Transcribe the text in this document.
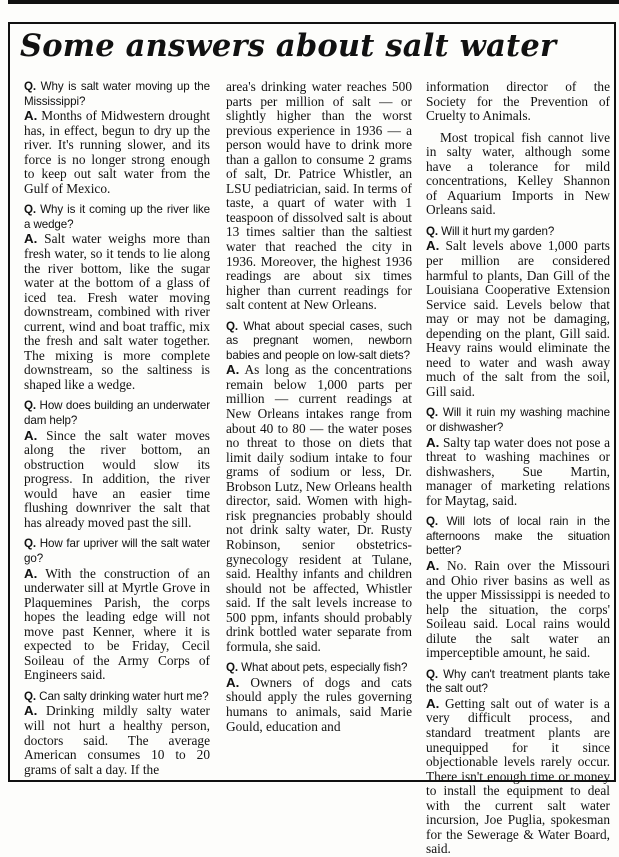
Some answers about salt water

Q. Why is salt water moving up the Mississippi?

A. Months of Midwestern drought has, in effect, begun to dry up the river. It's running slower, and its force is no longer strong enough to keep out salt water from the Gulf of Mexico.

Q. Why is it coming up the river like a wedge?

A. Salt water weighs more than fresh water, so it tends to lie along the river bottom, like the sugar water at the bottom of a glass of iced tea. Fresh water moving downstream, combined with river current, wind and boat traffic, mix the fresh and salt water together. The mixing is more complete downstream, so the saltiness is shaped like a wedge.

Q. How does building an underwater dam help?

A. Since the salt water moves along the river bottom, an obstruction would slow its progress. In addition, the river would have an easier time flushing downriver the salt that has already moved past the sill.

Q. How far upriver will the salt water go?

A. With the construction of an underwater sill at Myrtle Grove in Plaquemines Parish, the corps hopes the leading edge will not move past Kenner, where it is expected to be Friday, Cecil Soileau of the Army Corps of Engineers said.

Q. Can salty drinking water hurt me?

A. Drinking mildly salty water will not hurt a healthy person, doctors said. The average American consumes 10 to 20 grams of salt a day. If the

area's drinking water reaches 500 parts per million of salt — or slightly higher than the worst previous experience in 1936 — a person would have to drink more than a gallon to consume 2 grams of salt, Dr. Patrice Whistler, an LSU pediatrician, said. In terms of taste, a quart of water with 1 teaspoon of dissolved salt is about 13 times saltier than the saltiest water that reached the city in 1936. Moreover, the highest 1936 readings are about six times higher than current readings for salt content at New Orleans.

Q. What about special cases, such as pregnant women, newborn babies and people on low-salt diets?

A. As long as the concentrations remain below 1,000 parts per million — current readings at New Orleans intakes range from about 40 to 80 — the water poses no threat to those on diets that limit daily sodium intake to four grams of sodium or less, Dr. Brobson Lutz, New Orleans health director, said. Women with high-risk pregnancies probably should not drink salty water, Dr. Rusty Robinson, senior obstetrics-gynecology resident at Tulane, said. Healthy infants and children should not be affected, Whistler said. If the salt levels increase to 500 ppm, infants should probably drink bottled water separate from formula, she said.

Q. What about pets, especially fish?

A. Owners of dogs and cats should apply the rules governing humans to animals, said Marie Gould, education and

information director of the Society for the Prevention of Cruelty to Animals.

Most tropical fish cannot live in salty water, although some have a tolerance for mild concentrations, Kelley Shannon of Aquarium Imports in New Orleans said.

Q. Will it hurt my garden?

A. Salt levels above 1,000 parts per million are considered harmful to plants, Dan Gill of the Louisiana Cooperative Extension Service said. Levels below that may or may not be damaging, depending on the plant, Gill said. Heavy rains would eliminate the need to water and wash away much of the salt from the soil, Gill said.

Q. Will it ruin my washing machine or dishwasher?

A. Salty tap water does not pose a threat to washing machines or dishwashers, Sue Martin, manager of marketing relations for Maytag, said.

Q. Will lots of local rain in the afternoons make the situation better?

A. No. Rain over the Missouri and Ohio river basins as well as the upper Mississippi is needed to help the situation, the corps' Soileau said. Local rains would dilute the salt water an imperceptible amount, he said.

Q. Why can't treatment plants take the salt out?

A. Getting salt out of water is a very difficult process, and standard treatment plants are unequipped for it since objectionable levels rarely occur. There isn't enough time or money to install the equipment to deal with the current salt water incursion, Joe Puglia, spokesman for the Sewerage & Water Board, said.
